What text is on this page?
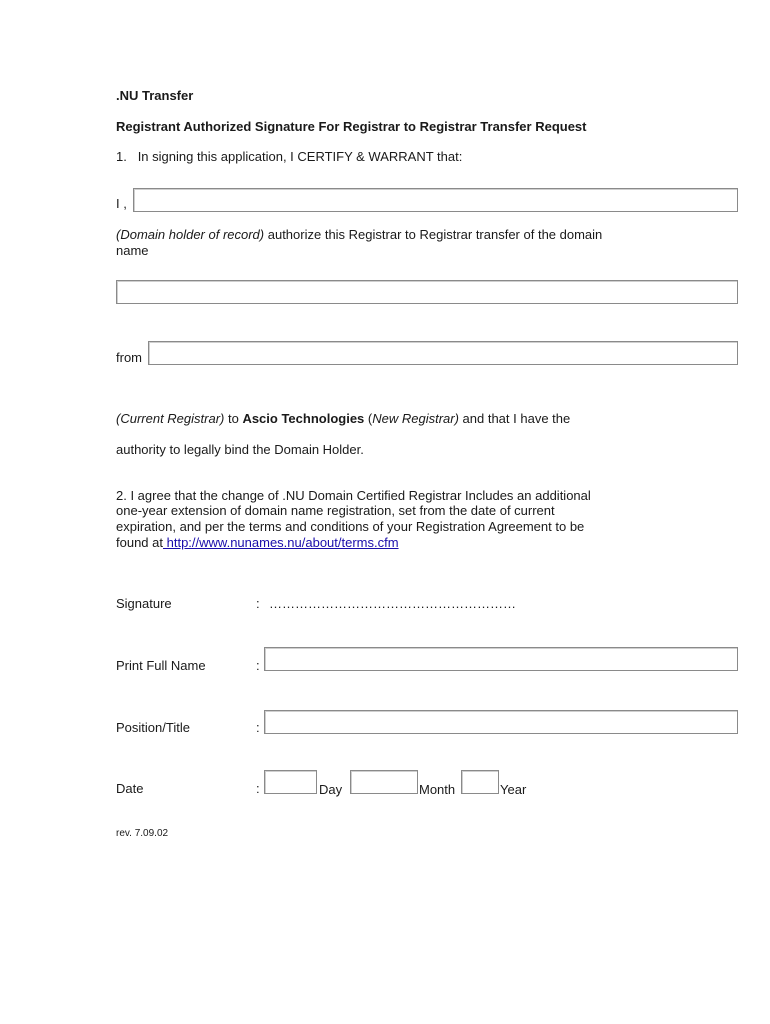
.NU Transfer
Registrant Authorized Signature For Registrar to Registrar Transfer Request
1. In signing this application, I CERTIFY & WARRANT that:
I ,
(Domain holder of record) authorize this Registrar to Registrar transfer of the domain
name
from
(Current Registrar) to Ascio Technologies (New Registrar) and that I have the
authority to legally bind the Domain Holder.
2. I agree that the change of .NU Domain Certified Registrar Includes an additional
one-year extension of domain name registration, set from the date of current
expiration, and per the terms and conditions of your Registration Agreement to be
found at http://www.nunames.nu/about/terms.cfm
Signature	: …………………………………………………
Print Full Name	:
Position/Title	:
Date	:	Day	Month	Year
rev. 7.09.02
